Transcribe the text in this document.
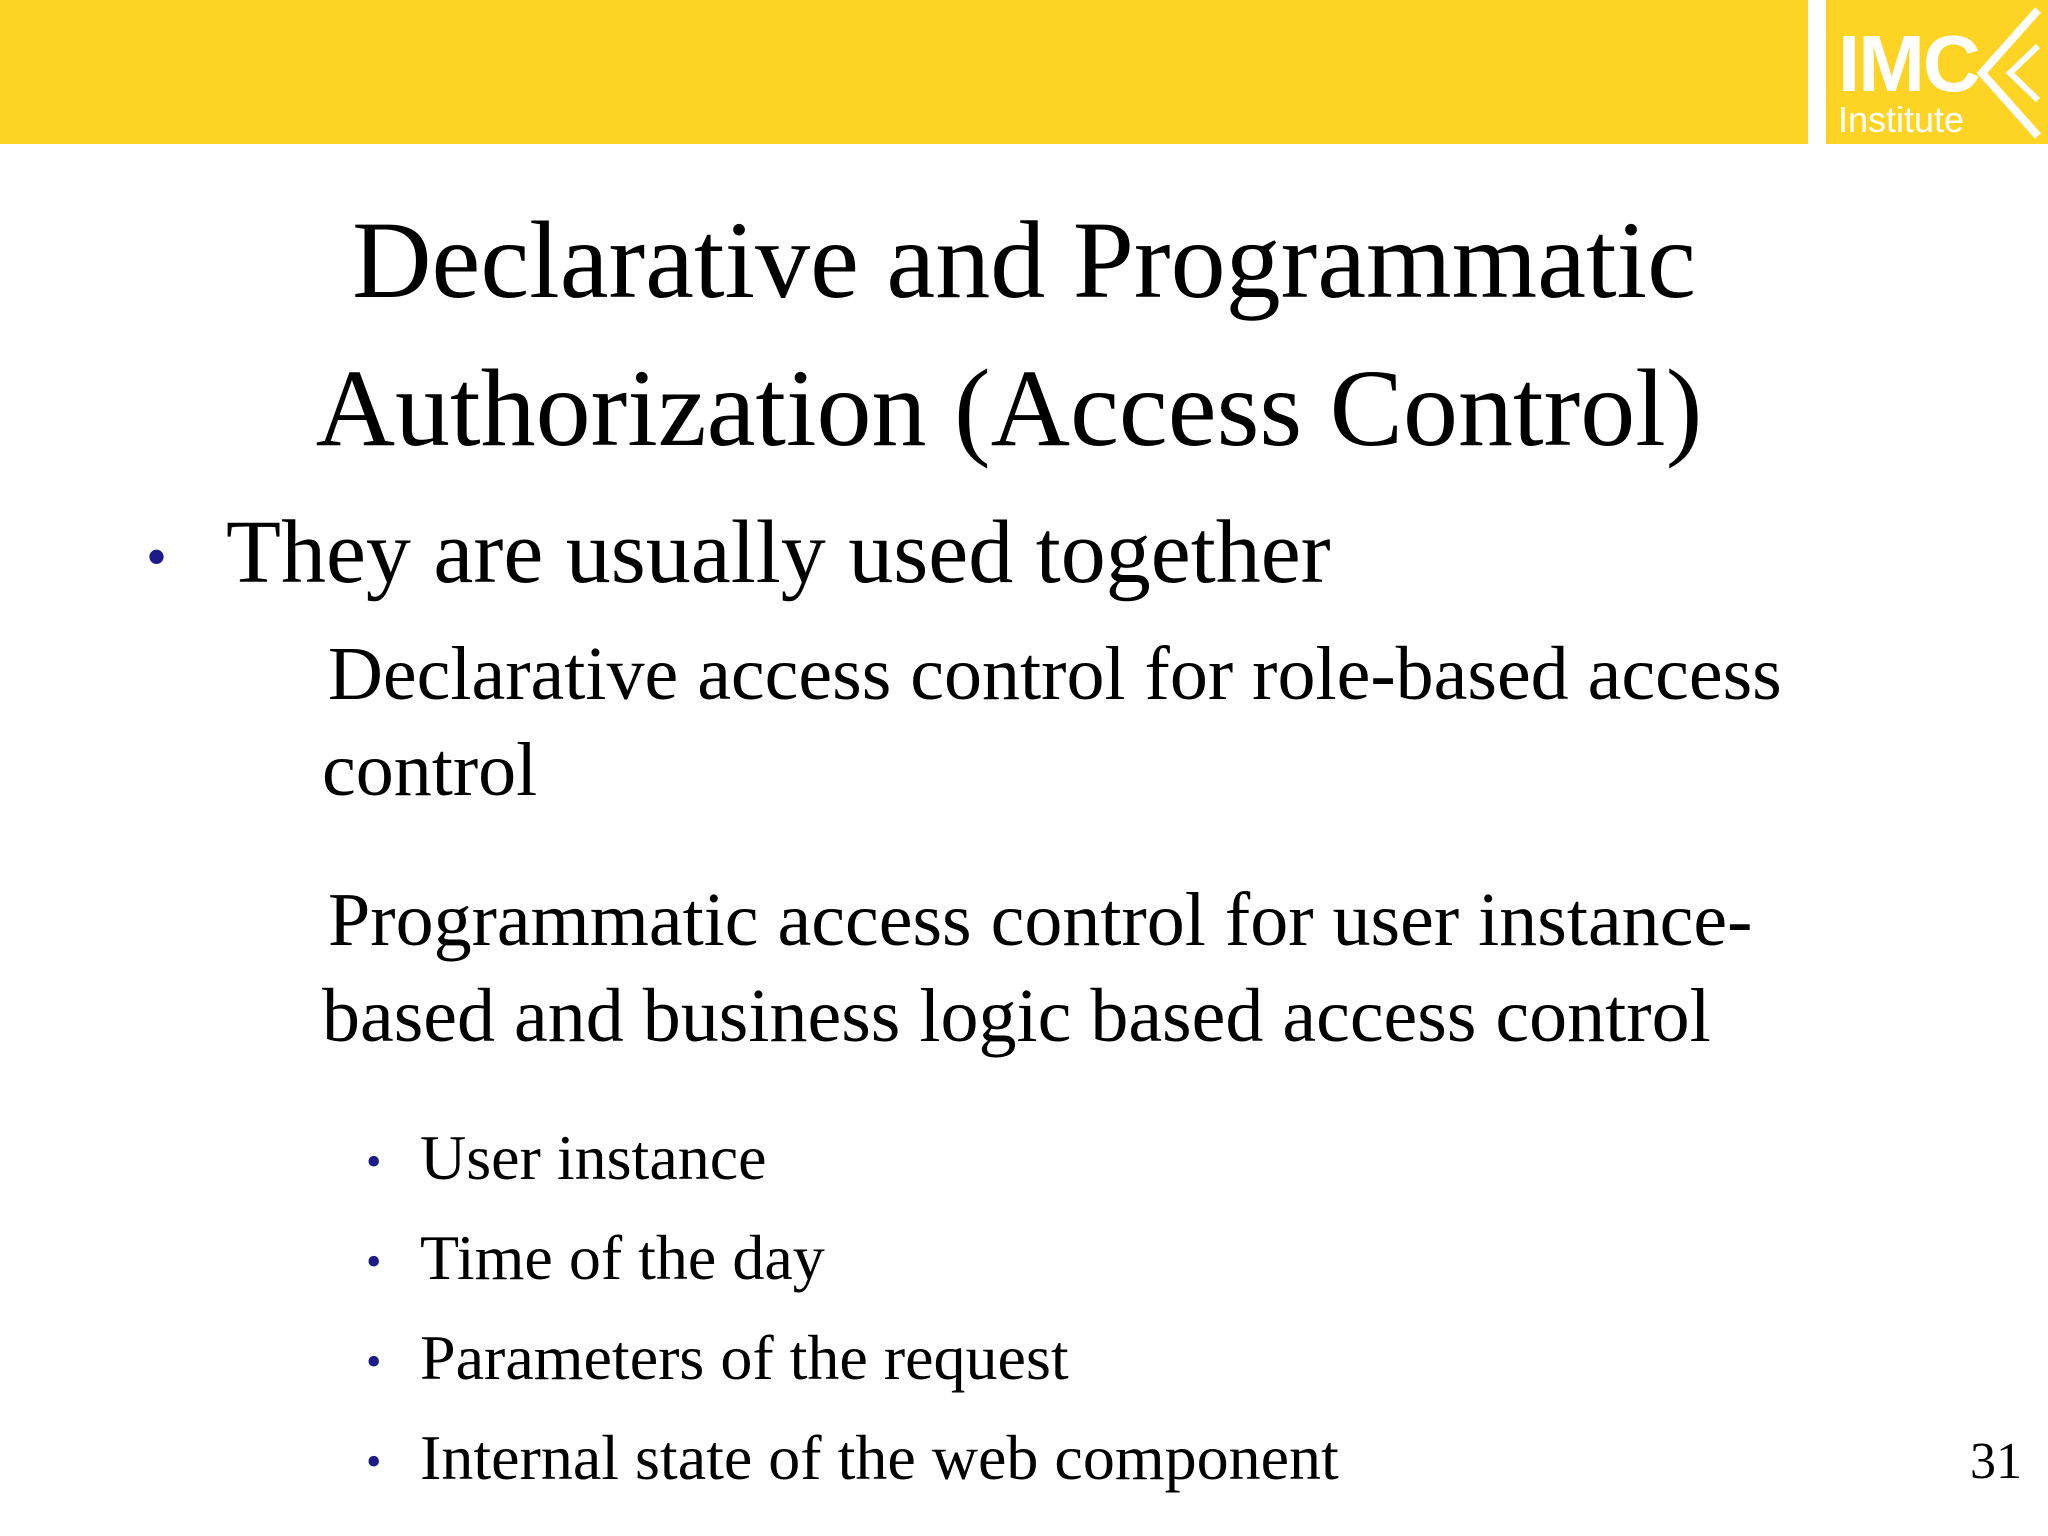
IMC
Institute
Declarative and Programmatic
Authorization (Access Control)
• They are usually used together

Declarative access control for role-based access control

Programmatic access control for user instance-based and business logic based access control

• User instance
• Time of the day
• Parameters of the request
• Internal state of the web component	31
